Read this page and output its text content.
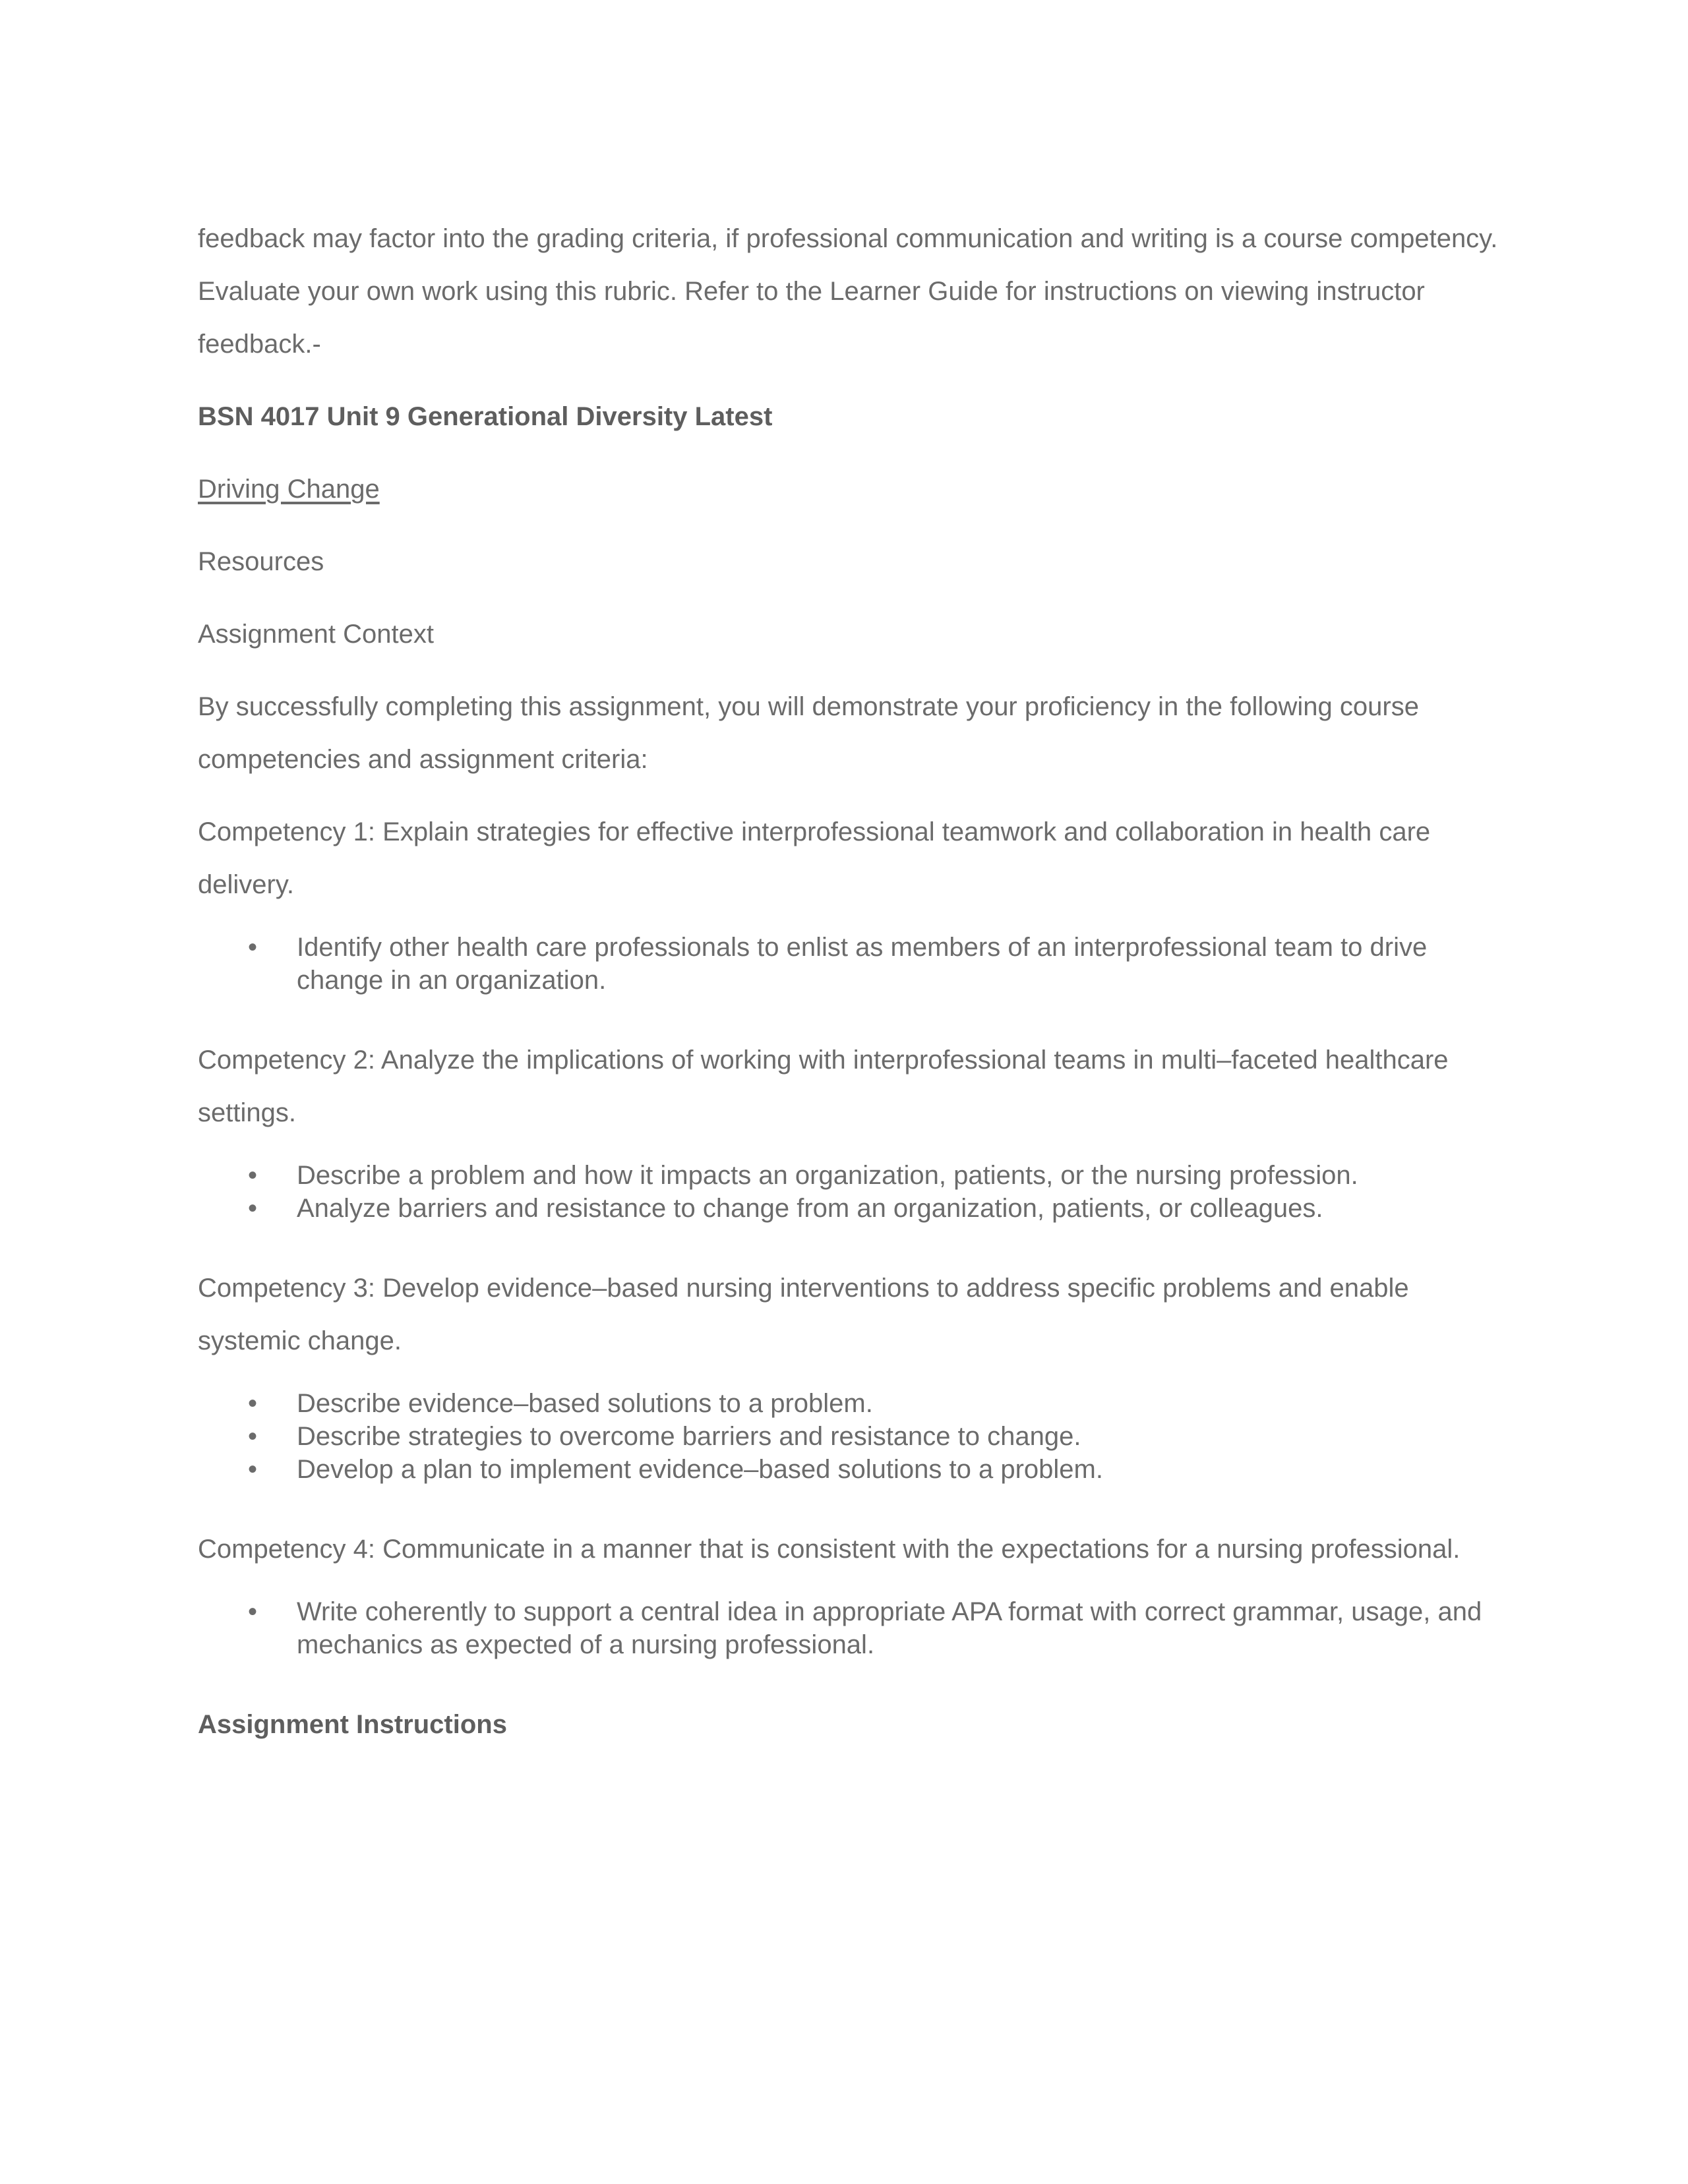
feedback may factor into the grading criteria, if professional communication and writing is a course competency. Evaluate your own work using this rubric. Refer to the Learner Guide for instructions on viewing instructor feedback.-

BSN 4017 Unit 9 Generational Diversity Latest

Driving Change

Resources

Assignment Context

By successfully completing this assignment, you will demonstrate your proficiency in the following course competencies and assignment criteria:

Competency 1: Explain strategies for effective interprofessional teamwork and collaboration in health care delivery.

• Identify other health care professionals to enlist as members of an interprofessional team to drive change in an organization.

Competency 2: Analyze the implications of working with interprofessional teams in multi–faceted healthcare settings.

• Describe a problem and how it impacts an organization, patients, or the nursing profession.
• Analyze barriers and resistance to change from an organization, patients, or colleagues.

Competency 3: Develop evidence–based nursing interventions to address specific problems and enable systemic change.

• Describe evidence–based solutions to a problem.
• Describe strategies to overcome barriers and resistance to change.
• Develop a plan to implement evidence–based solutions to a problem.

Competency 4: Communicate in a manner that is consistent with the expectations for a nursing professional.

• Write coherently to support a central idea in appropriate APA format with correct grammar, usage, and mechanics as expected of a nursing professional.

Assignment Instructions
